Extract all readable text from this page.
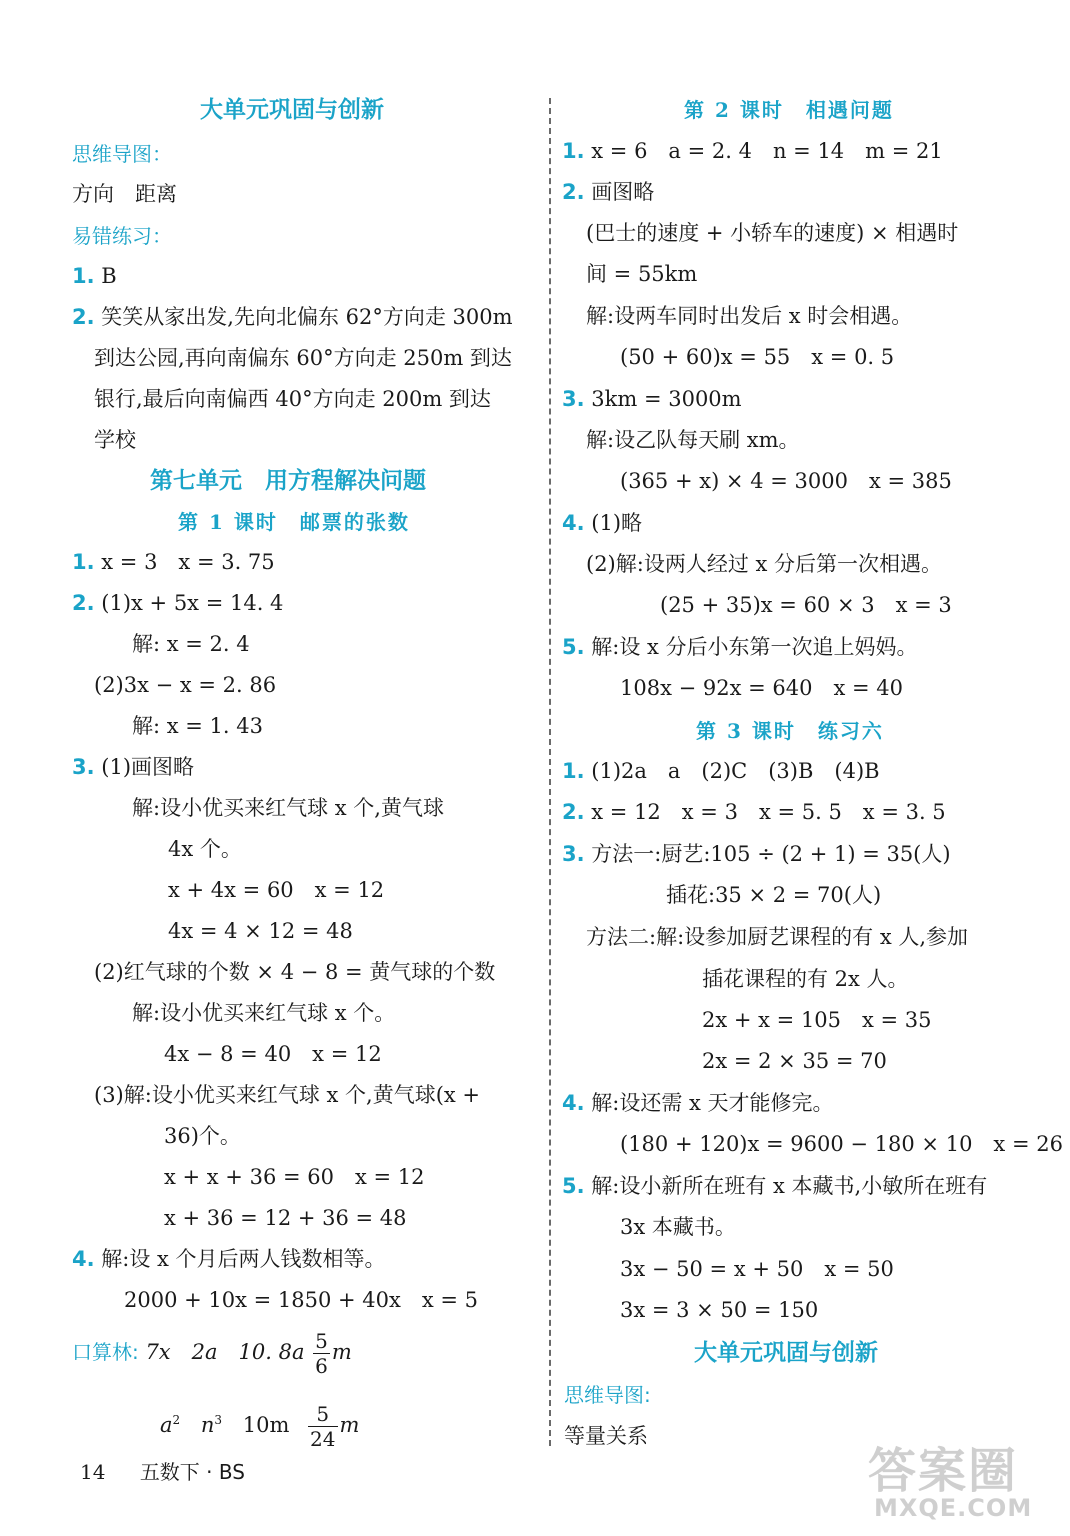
大单元巩固与创新
思维导图：
方向　距离
易错练习：
1. B
2. 笑笑从家出发,先向北偏东 62°方向走 300m
到达公园,再向南偏东 60°方向走 250m 到达
银行,最后向南偏西 40°方向走 200m 到达
学校
第七单元　用方程解决问题
第 1 课时　邮票的张数
1. x = 3　x = 3. 75
2. (1)x + 5x = 14. 4
解: x = 2. 4
(2)3x − x = 2. 86
解: x = 1. 43
3. (1)画图略
解:设小优买来红气球 x 个,黄气球
4x 个。
x + 4x = 60　x = 12
4x = 4 × 12 = 48
(2)红气球的个数 × 4 − 8 = 黄气球的个数
解:设小优买来红气球 x 个。
4x − 8 = 40　x = 12
(3)解:设小优买来红气球 x 个,黄气球(x +
36)个。
x + x + 36 = 60　x = 12
x + 36 = 12 + 36 = 48
4. 解:设 x 个月后两人钱数相等。
2000 + 10x = 1850 + 40x　x = 5
口算林: 7x　2a　10. $8a \frac{5}{6}$ m
$a^2$ $n^3$ $10m \frac{5}{24}$ m
第 2 课时　相遇问题
1. x = 6　a = 2. 4　n = 14　m = 21
2. 画图略
(巴士的速度 + 小轿车的速度) × 相遇时
间 = 55km
解:设两车同时出发后 x 时会相遇。
(50 + 60)x = 55　x = 0. 5
3. 3km = 3000m
解:设乙队每天刷 xm。
(365 + x) × 4 = 3000　x = 385
4. (1)略
(2)解:设两人经过 x 分后第一次相遇。
(25 + 35)x = 60 × 3　x = 3
5. 解:设 x 分后小东第一次追上妈妈。
108x − 92x = 640　x = 40
第 3 课时　练习六
1. (1)2a　a　(2)C　(3)B　(4)B
2. x = 12　x = 3　x = 5. 5　x = 3. 5
3. 方法一:厨艺:105 ÷ (2 + 1) = 35(人)
插花:35 × 2 = 70(人)
方法二:解:设参加厨艺课程的有 x 人,参加
插花课程的有 2x 人。
2x + x = 105　x = 35
2x = 2 × 35 = 70
4. 解:设还需 x 天才能修完。
(180 + 120)x = 9600 − 180 × 10　x = 26
5. 解:设小新所在班有 x 本藏书,小敏所在班有
3x 本藏书。
3x − 50 = x + 50　x = 50
3x = 3 × 50 = 150
大单元巩固与创新
思维导图:
等量关系
14 五数下 · BS	答案圈
MXQE.COM
